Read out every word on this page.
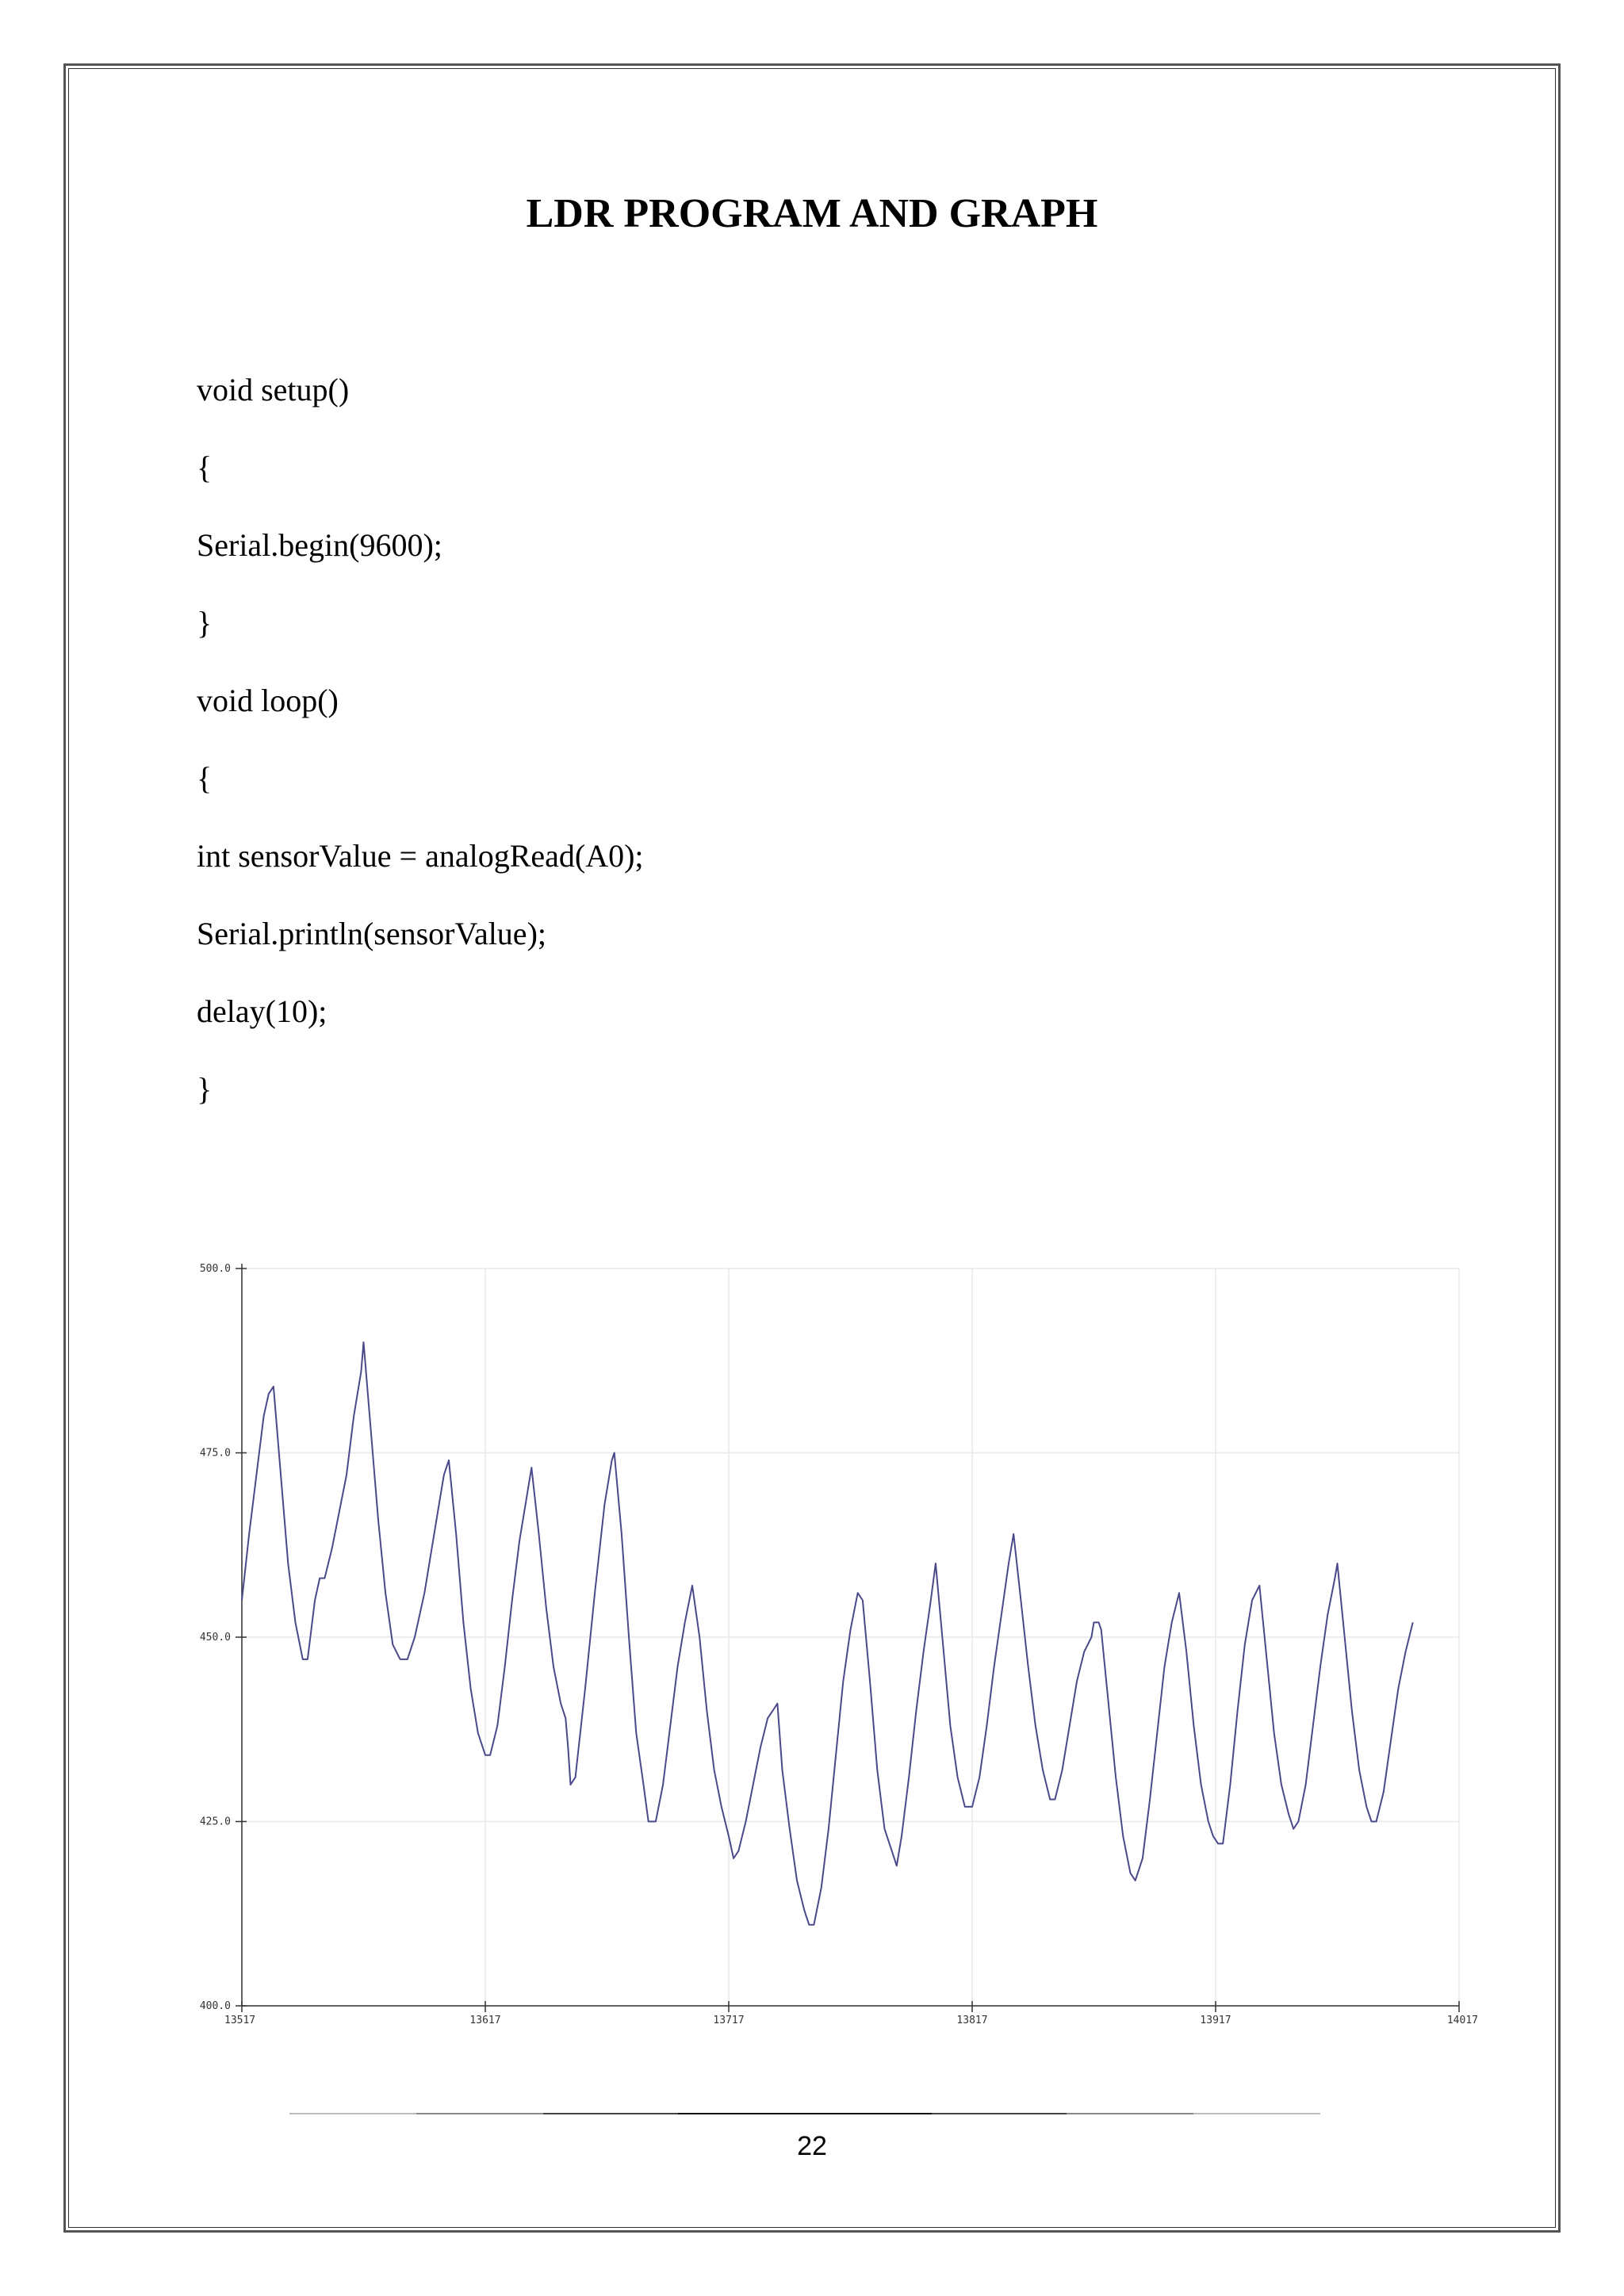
LDR PROGRAM AND GRAPH
void setup()
{
Serial.begin(9600);
}
void loop()
{
int sensorValue = analogRead(A0);
Serial.println(sensorValue);
delay(10);
}
400.0
425.0
450.0
475.0
500.0
13517	13617	13717	13817	13917	14017
22
